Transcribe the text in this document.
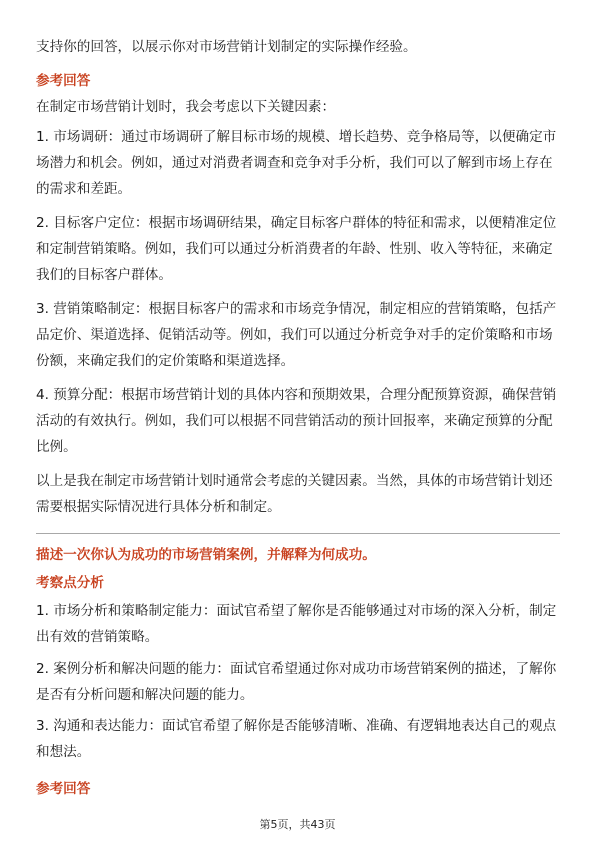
支持你的回答，以展示你对市场营销计划制定的实际操作经验。

参考回答

在制定市场营销计划时，我会考虑以下关键因素：

1. 市场调研：通过市场调研了解目标市场的规模、增长趋势、竞争格局等，以便确定市场潜力和机会。例如，通过对消费者调查和竞争对手分析，我们可以了解到市场上存在的需求和差距。

2. 目标客户定位：根据市场调研结果，确定目标客户群体的特征和需求，以便精准定位和定制营销策略。例如，我们可以通过分析消费者的年龄、性别、收入等特征，来确定我们的目标客户群体。

3. 营销策略制定：根据目标客户的需求和市场竞争情况，制定相应的营销策略，包括产品定价、渠道选择、促销活动等。例如，我们可以通过分析竞争对手的定价策略和市场份额，来确定我们的定价策略和渠道选择。

4. 预算分配：根据市场营销计划的具体内容和预期效果，合理分配预算资源，确保营销活动的有效执行。例如，我们可以根据不同营销活动的预计回报率，来确定预算的分配比例。

以上是我在制定市场营销计划时通常会考虑的关键因素。当然，具体的市场营销计划还需要根据实际情况进行具体分析和制定。

描述一次你认为成功的市场营销案例，并解释为何成功。

考察点分析

1. 市场分析和策略制定能力：面试官希望了解你是否能够通过对市场的深入分析，制定出有效的营销策略。

2. 案例分析和解决问题的能力：面试官希望通过你对成功市场营销案例的描述，了解你是否有分析问题和解决问题的能力。

3. 沟通和表达能力：面试官希望了解你是否能够清晰、准确、有逻辑地表达自己的观点和想法。

参考回答

第5页，共43页
